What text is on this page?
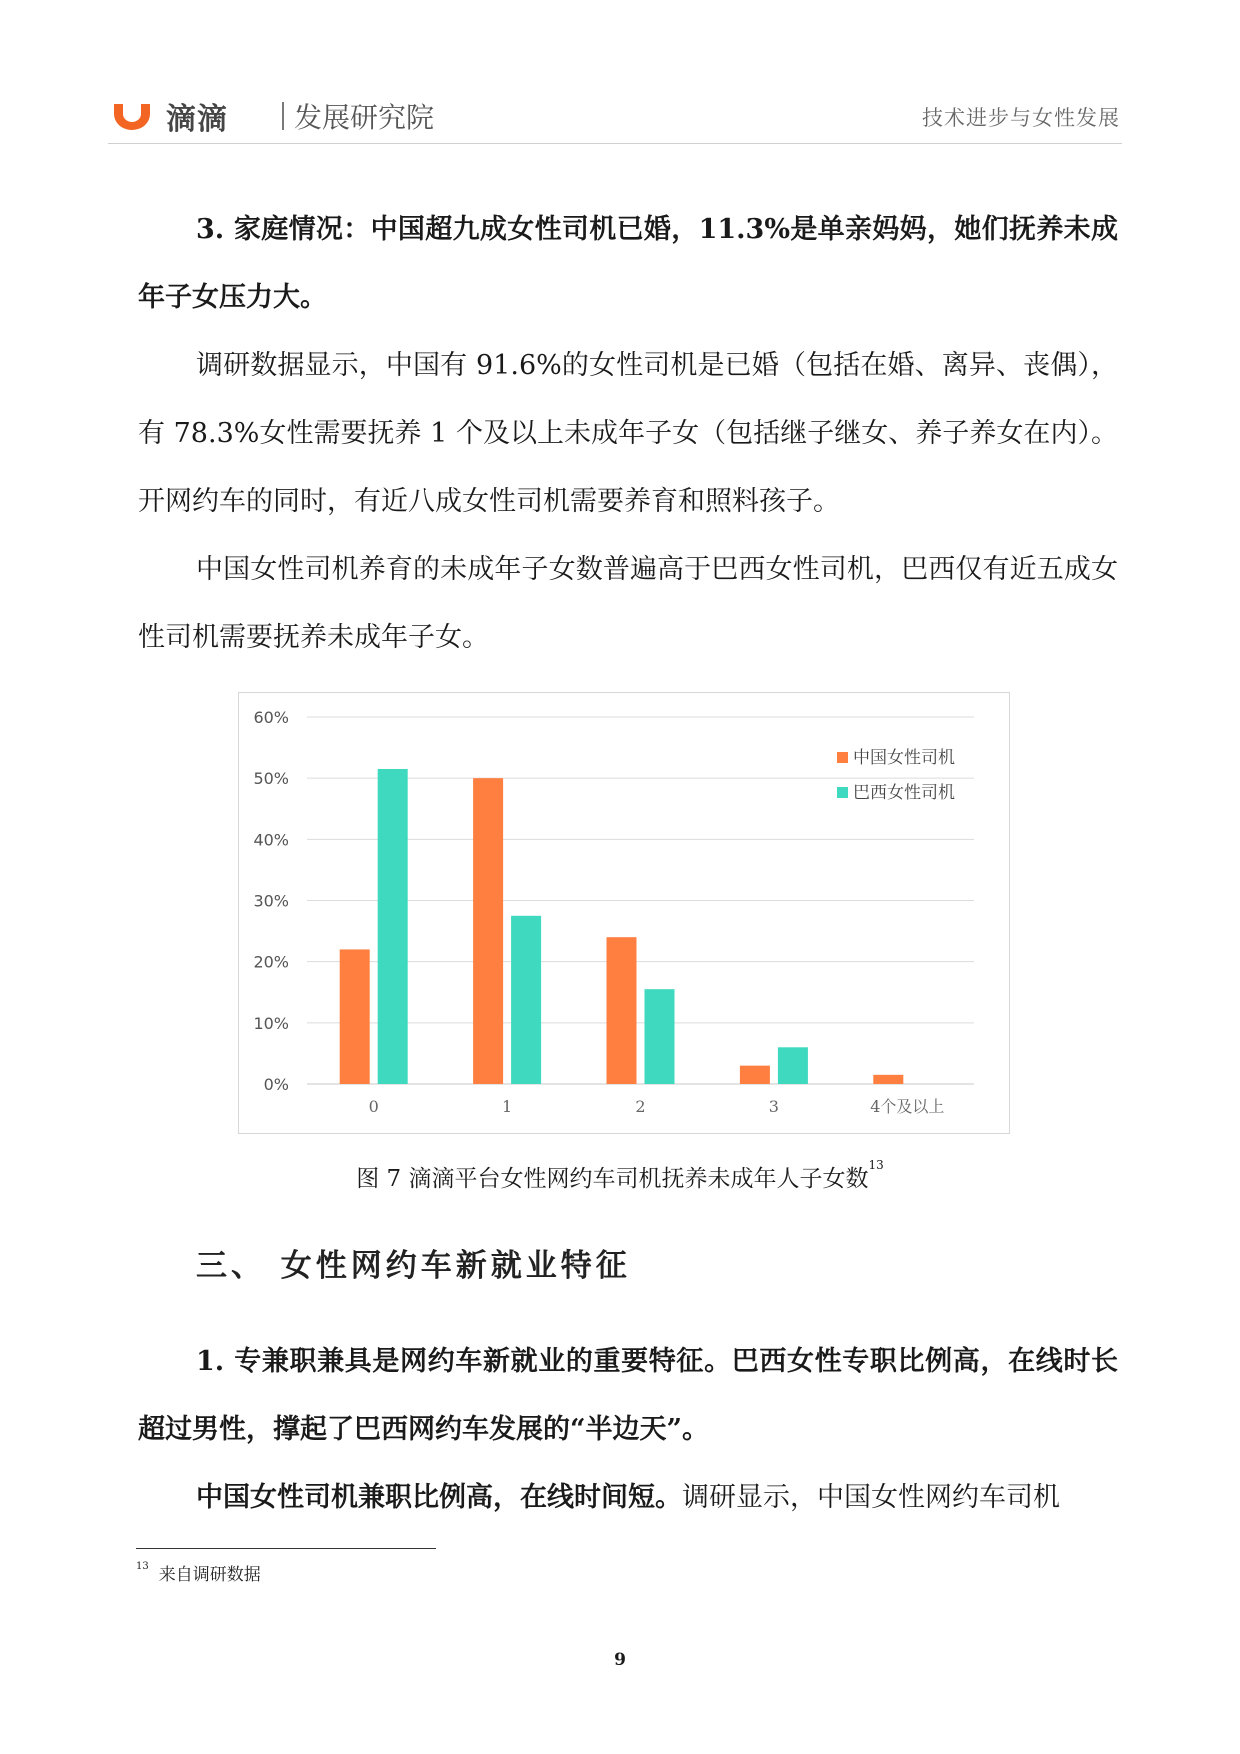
滴滴 发展研究院	技术进步与女性发展
3. 家庭情况：中国超九成女性司机已婚，11.3%是单亲妈妈，她们抚养未成年子女压力大。
调研数据显示，中国有 91.6%的女性司机是已婚（包括在婚、离异、丧偶），有 78.3%女性需要抚养 1 个及以上未成年子女（包括继子继女、养子养女在内）。开网约车的同时，有近八成女性司机需要养育和照料孩子。
中国女性司机养育的未成年子女数普遍高于巴西女性司机，巴西仅有近五成女性司机需要抚养未成年子女。
0%
10%
20%
30%
40%
50%
60%
0	1	2	3	4个及以上
中国女性司机
巴西女性司机
图 7 滴滴平台女性网约车司机抚养未成年人子女数$^{13}$
三、 女性网约车新就业特征
1. 专兼职兼具是网约车新就业的重要特征。巴西女性专职比例高，在线时长超过男性，撑起了巴西网约车发展的“半边天”。
中国女性司机兼职比例高，在线时间短。调研显示，中国女性网约车司机
$^{13}$ 来自调研数据
9
